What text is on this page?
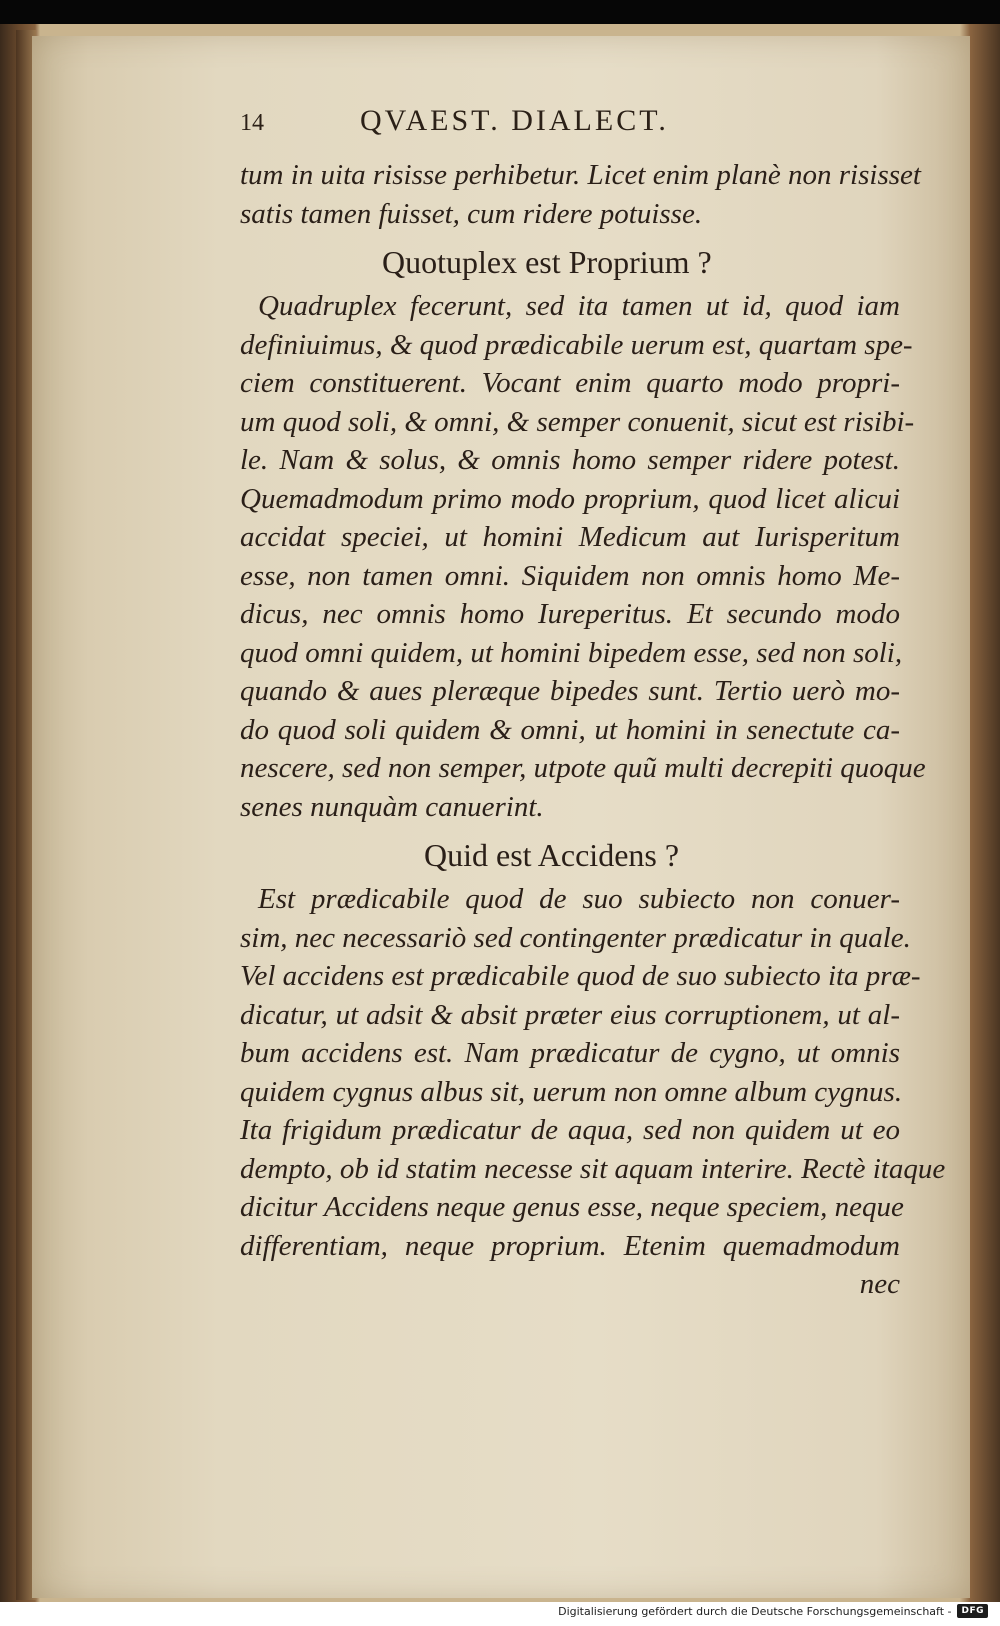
14	QVAEST. DIALECT.
tum in uita risisse perhibetur. Licet enim planè non risisset
satis tamen fuisset, cum ridere potuisse.
Quotuplex est Proprium ?
Quadruplex fecerunt, sed ita tamen ut id, quod iam
definiuimus, & quod prædicabile uerum est, quartam spe-
ciem constituerent. Vocant enim quarto modo propri-
um quod soli, & omni, & semper conuenit, sicut est risibi-
le. Nam & solus, & omnis homo semper ridere potest.
Quemadmodum primo modo proprium, quod licet alicui
accidat speciei, ut homini Medicum aut Iurisperitum
esse, non tamen omni. Siquidem non omnis homo Me-
dicus, nec omnis homo Iureperitus. Et secundo modo
quod omni quidem, ut homini bipedem esse, sed non soli,
quando & aues pleræque bipedes sunt. Tertio uerò mo-
do quod soli quidem & omni, ut homini in senectute ca-
nescere, sed non semper, utpote quũ multi decrepiti quoque
senes nunquàm canuerint.
Quid est Accidens ?
Est prædicabile quod de suo subiecto non conuer-
sim, nec necessariò sed contingenter prædicatur in quale.
Vel accidens est prædicabile quod de suo subiecto ita præ-
dicatur, ut adsit & absit præter eius corruptionem, ut al-
bum accidens est. Nam prædicatur de cygno, ut omnis
quidem cygnus albus sit, uerum non omne album cygnus.
Ita frigidum prædicatur de aqua, sed non quidem ut eo
dempto, ob id statim necesse sit aquam interire. Rectè itaque
dicitur Accidens neque genus esse, neque speciem, neque
differentiam, neque proprium. Etenim quemadmodum
nec
Digitalisierung gefördert durch die Deutsche Forschungsgemeinschaft -	DFG
